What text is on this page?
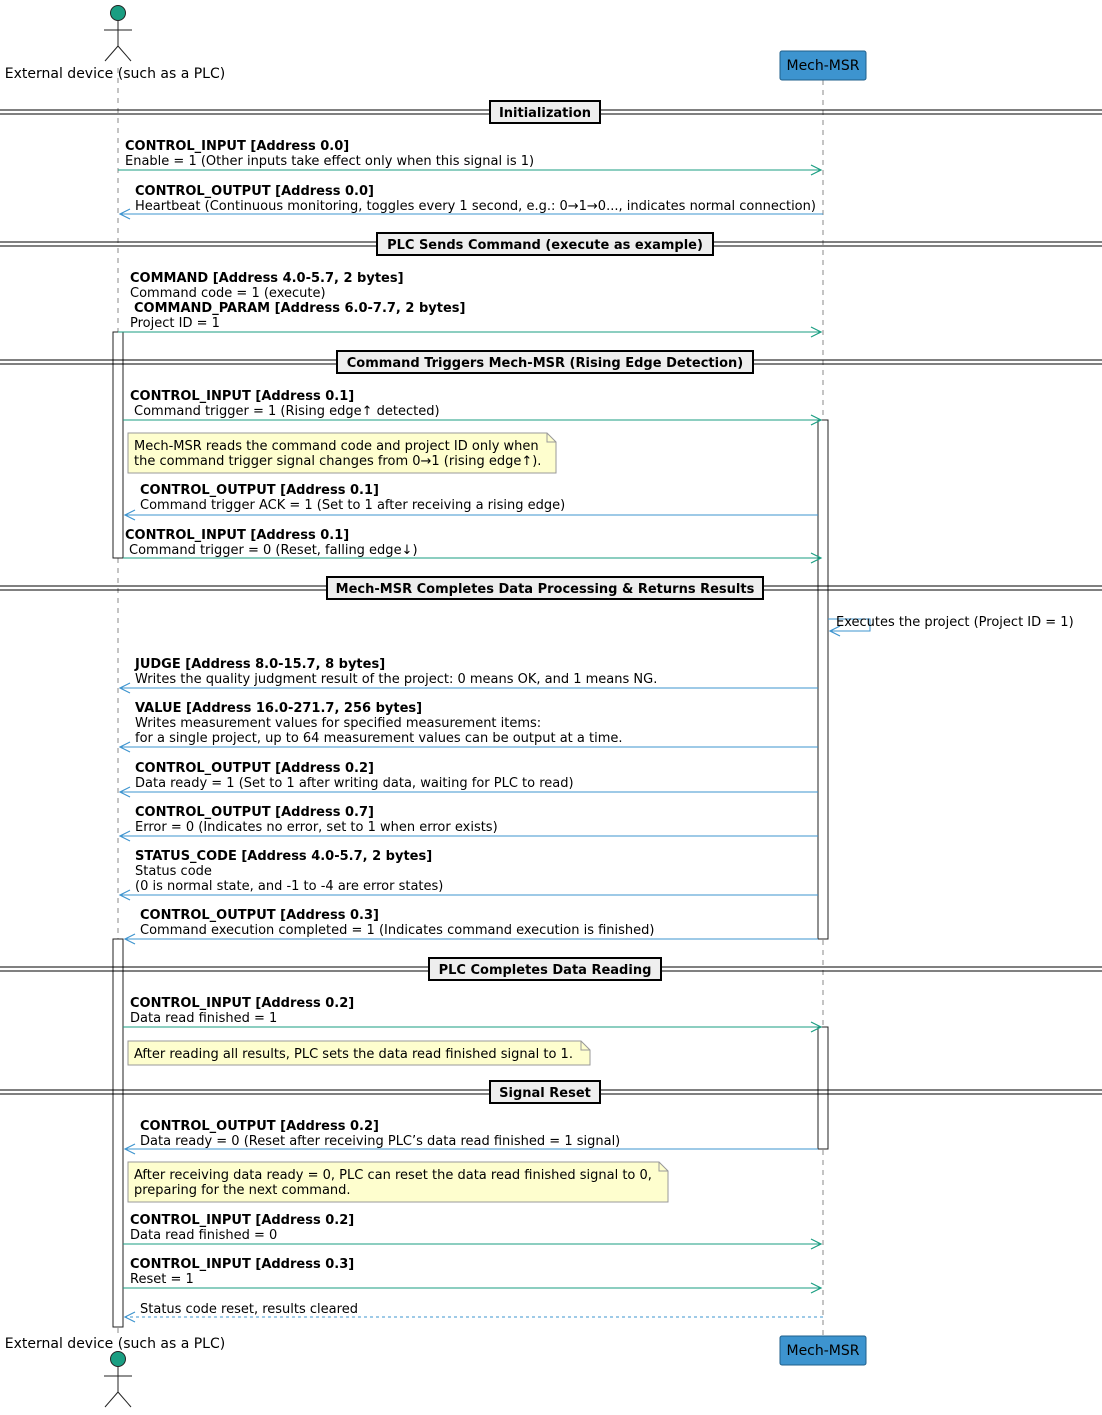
External device (such as a PLC)	Mech-MSR
External device (such as a PLC)	Mech-MSR
Initialization
PLC Sends Command (execute as example)
Command Triggers Mech-MSR (Rising Edge Detection)
Mech-MSR Completes Data Processing & Returns Results
PLC Completes Data Reading
Signal Reset
CONTROL_INPUT [Address 0.0]
Enable = 1 (Other inputs take effect only when this signal is 1)
CONTROL_OUTPUT [Address 0.0]
Heartbeat (Continuous monitoring, toggles every 1 second, e.g.: 0→1→0..., indicates normal connection)
COMMAND [Address 4.0-5.7, 2 bytes]
Command code = 1 (execute)
COMMAND_PARAM [Address 6.0-7.7, 2 bytes]
Project ID = 1
CONTROL_INPUT [Address 0.1]
Command trigger = 1 (Rising edge↑ detected)
CONTROL_OUTPUT [Address 0.1]
Command trigger ACK = 1 (Set to 1 after receiving a rising edge)
CONTROL_INPUT [Address 0.1]
Command trigger = 0 (Reset, falling edge↓)
Executes the project (Project ID = 1)
JUDGE [Address 8.0-15.7, 8 bytes]
Writes the quality judgment result of the project: 0 means OK, and 1 means NG.
VALUE [Address 16.0-271.7, 256 bytes]
Writes measurement values for specified measurement items:
for a single project, up to 64 measurement values can be output at a time.
CONTROL_OUTPUT [Address 0.2]
Data ready = 1 (Set to 1 after writing data, waiting for PLC to read)
CONTROL_OUTPUT [Address 0.7]
Error = 0 (Indicates no error, set to 1 when error exists)
STATUS_CODE [Address 4.0-5.7, 2 bytes]
Status code
(0 is normal state, and -1 to -4 are error states)
CONTROL_OUTPUT [Address 0.3]
Command execution completed = 1 (Indicates command execution is finished)
CONTROL_INPUT [Address 0.2]
Data read finished = 1
CONTROL_OUTPUT [Address 0.2]
Data ready = 0 (Reset after receiving PLC’s data read finished = 1 signal)
CONTROL_INPUT [Address 0.2]
Data read finished = 0
CONTROL_INPUT [Address 0.3]
Reset = 1
Status code reset, results cleared
Mech-MSR reads the command code and project ID only when
the command trigger signal changes from 0→1 (rising edge↑).
After reading all results, PLC sets the data read finished signal to 1.
After receiving data ready = 0, PLC can reset the data read finished signal to 0,
preparing for the next command.
